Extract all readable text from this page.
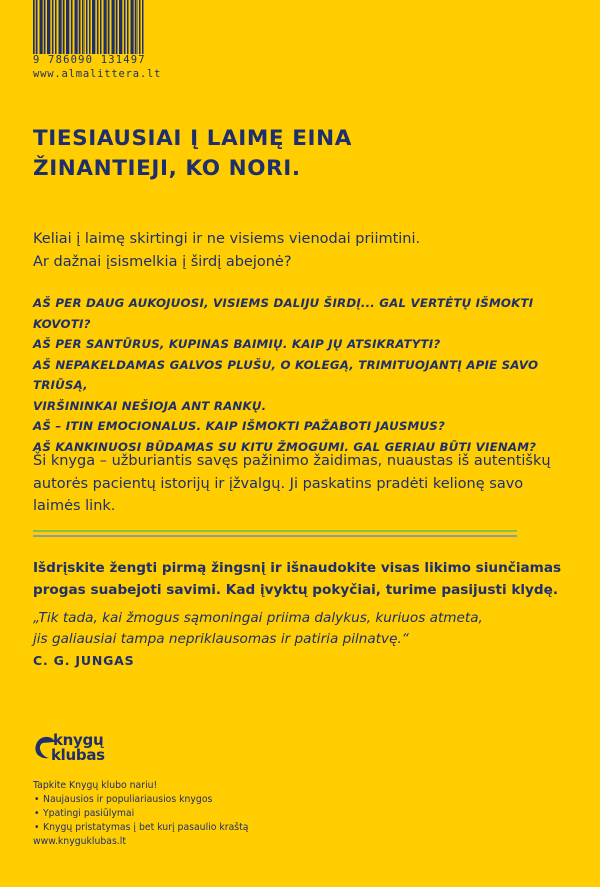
9 786090 131497
www.almalittera.lt
TIESIAUSIAI Į LAIMĘ EINA
ŽINANTIEJI, KO NORI.

Keliai į laimę skirtingi ir ne visiems vienodai priimtini.

Ar dažnai įsismelkia į širdį abejonė?

AŠ PER DAUG AUKOJUOSI, VISIEMS DALIJU ŠIRDĮ... GAL VERTĖTŲ IŠMOKTI KOVOTI?

AŠ PER SANTŪRUS, KUPINAS BAIMIŲ. KAIP JŲ ATSIKRATYTI?

AŠ NEPAKELDAMAS GALVOS PLUŠU, O KOLEGĄ, TRIMITUOJANTĮ APIE SAVO TRIŪSĄ,

VIRŠININKAI NEŠIOJA ANT RANKŲ.

AŠ – ITIN EMOCIONALUS. KAIP IŠMOKTI PAŽABOTI JAUSMUS?

AŠ KANKINUOSI BŪDAMAS SU KITU ŽMOGUMI. GAL GERIAU BŪTI VIENAM?

Ši knyga – užburiantis savęs pažinimo žaidimas, nuaustas iš autentiškų
autorės pacientų istorijų ir įžvalgų. Ji paskatins pradėti kelionę savo
laimės link.
Išdrįskite žengti pirmą žingsnį ir išnaudokite visas likimo siunčiamas
progas suabejoti savimi. Kad įvyktų pokyčiai, turime pasijusti klydę.
„Tik tada, kai žmogus sąmoningai priima dalykus, kuriuos atmeta,
jis galiausiai tampa nepriklausomas ir patiria pilnatvę.“
C. G. JUNGAS
knygų
klubas
Tapkite Knygų klubo nariu!
• Naujausios ir populiariausios knygos
• Ypatingi pasiūlymai
• Knygų pristatymas į bet kurį pasaulio kraštą
www.knyguklubas.lt
